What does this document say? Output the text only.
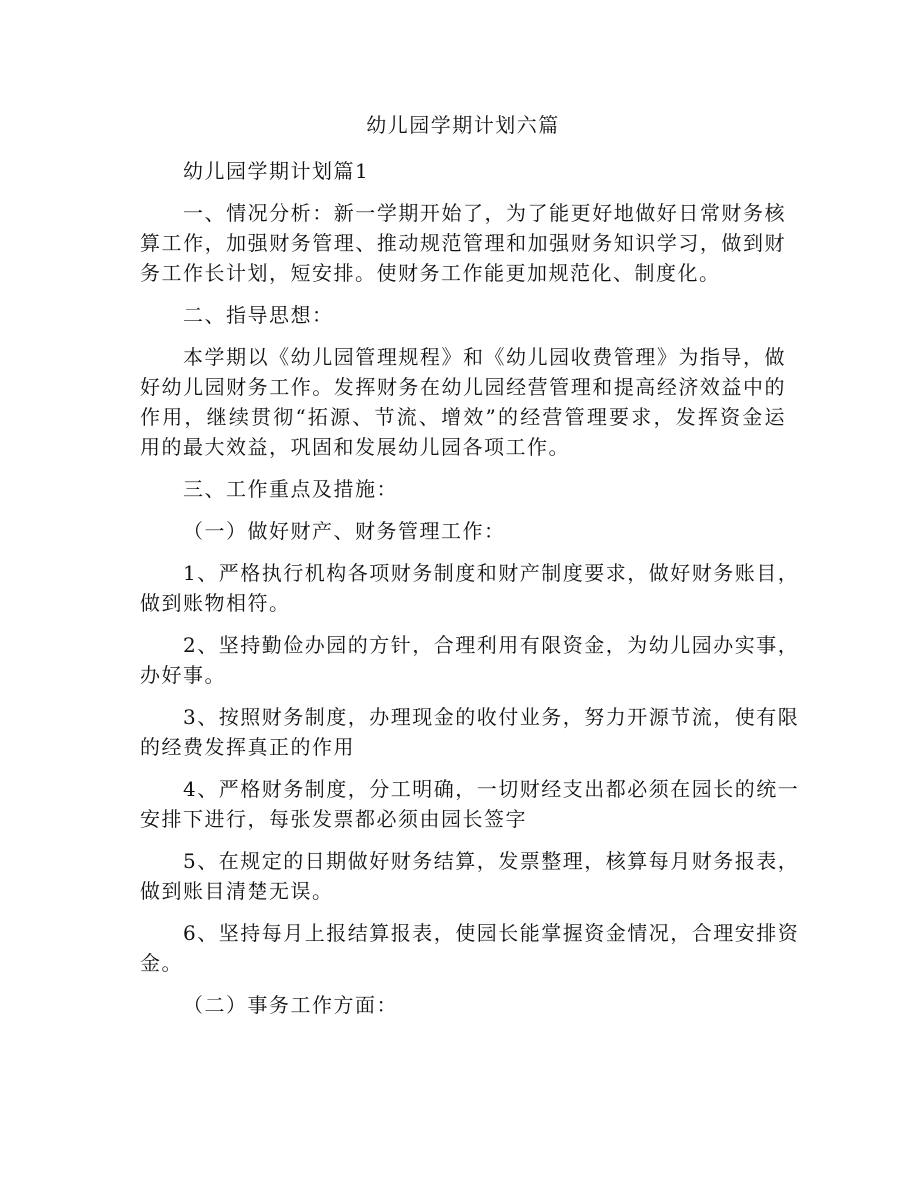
幼儿园学期计划六篇
幼儿园学期计划篇1
一、情况分析：新一学期开始了，为了能更好地做好日常财务核
算工作，加强财务管理、推动规范管理和加强财务知识学习，做到财
务工作长计划，短安排。使财务工作能更加规范化、制度化。
二、指导思想：
本学期以《幼儿园管理规程》和《幼儿园收费管理》为指导，做
好幼儿园财务工作。发挥财务在幼儿园经营管理和提高经济效益中的
作用，继续贯彻“拓源、节流、增效”的经营管理要求，发挥资金运
用的最大效益，巩固和发展幼儿园各项工作。
三、工作重点及措施：
（一）做好财产、财务管理工作：
1、严格执行机构各项财务制度和财产制度要求，做好财务账目，
做到账物相符。
2、坚持勤俭办园的方针，合理利用有限资金，为幼儿园办实事，
办好事。
3、按照财务制度，办理现金的收付业务，努力开源节流，使有限
的经费发挥真正的作用
4、严格财务制度，分工明确，一切财经支出都必须在园长的统一
安排下进行，每张发票都必须由园长签字
5、在规定的日期做好财务结算，发票整理，核算每月财务报表，
做到账目清楚无误。
6、坚持每月上报结算报表，使园长能掌握资金情况，合理安排资
金。
（二）事务工作方面：
